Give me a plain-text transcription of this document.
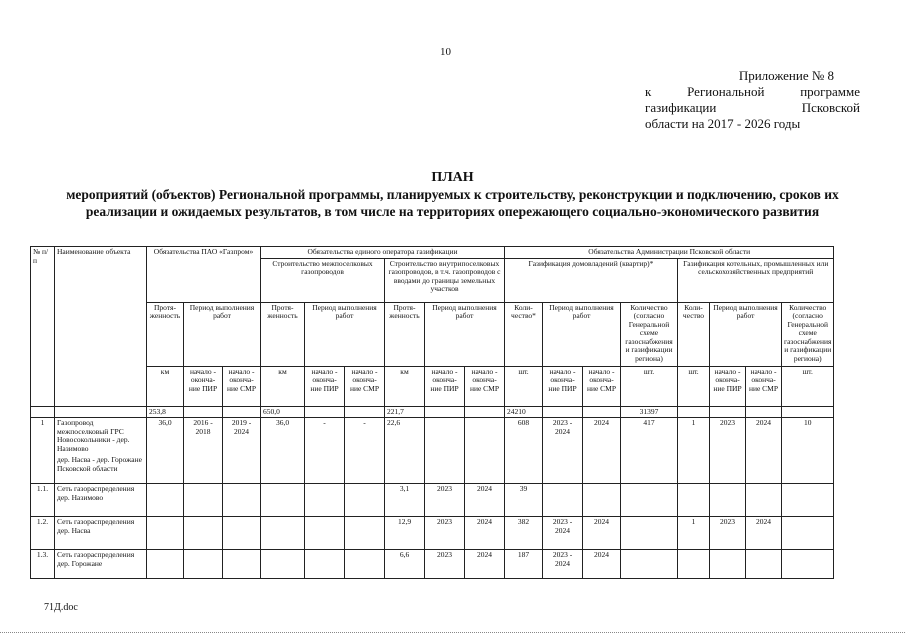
10
Приложение № 8
к	Региональной	программе
газификации	Псковской
области на 2017 - 2026 годы
ПЛАН
мероприятий (объектов) Региональной программы, планируемых к строительству, реконструкции и подключению, сроков их реализации и ожидаемых результатов, в том числе на территориях опережающего социально-экономического развития
№ п/п	Наименование объекта	Обязательства ПАО «Газпром»			Обязательства единого оператора газификации						Обязательства Администрации Псковской области							
					Строительство межпоселковых газопроводов			Строительство внутрипоселковых газопроводов, в т.ч. газопроводов с вводами до границы земельных участков			Газификация домовладений (квартир)*				Газификация котельных, промышленных или сельскохозяйственных предприятий			
		Протя-женность	Период выполнения работ		Протя-женность	Период выполнения работ		Протя-женность	Период выполнения работ		Коли-чество*	Период выполнения работ		Количество (согласно Генеральной схеме газоснабжения и газификации региона)	Коли-чество	Период выполнения работ		Количество (согласно Генеральной схеме газоснабжения и газификации региона)
		км	начало - оконча-ние ПИР	начало - оконча-ние СМР	км	начало - оконча-ние ПИР	начало - оконча-ние СМР	км	начало - оконча-ние ПИР	начало - оконча-ние СМР	шт.	начало - оконча-ние ПИР	начало - оконча-ние СМР	шт.	шт.	начало - оконча-ние ПИР	начало - оконча-ние СМР	шт.

		253,8			650,0			221,7			24210			31397				
1	Газопровод межпоселковый ГРС Новосокольники - дер. Назимово
дер. Насва - дер. Горожане Псковской области	36,0	2016 - 2018	2019 - 2024	36,0	-	-	22,6			608	2023 - 2024	2024	417	1	2023	2024	10
1.1.	Сеть газораспределения дер. Назимово							3,1	2023	2024	39							
1.2.	Сеть газораспределения дер. Насва							12,9	2023	2024	382	2023 - 2024	2024		1	2023	2024	
1.3.	Сеть газораспределения дер. Горожане							6,6	2023	2024	187	2023 - 2024	2024					
71Д.doc
